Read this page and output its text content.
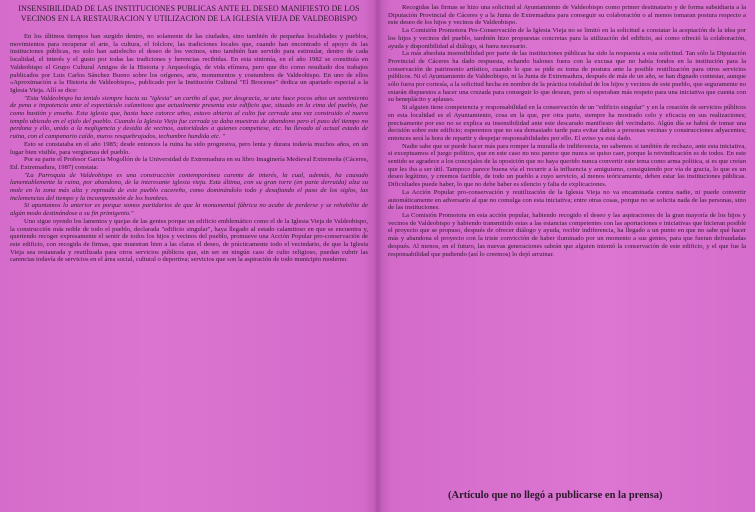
INSENSIBILIDAD DE LAS INSTITUCIONES PUBLICAS ANTE EL DESEO MANIFIESTO DE LOS VECINOS EN LA RESTAURACION Y UTILIZACION DE LA IGLESIA VIEJA DE VALDEOBISPO

En los últimos tiempos han surgido dentro, no solamente de las ciudades, sino también de pequeñas localidades y pueblos, movimientos para recuperar el arte, la cultura, el folclore, las tradiciones locales que, cuando han encontrado el apoyo de las instituciones públicas, no solo han satisfecho el deseo de los vecinos, sino también han servido para estimular, dentro de cada localidad, el interés y el gusto por todas las tradiciones y herencias recibidas. En esta sintonía, en el año 1982 se constituía en Valdeobispo el Grupo Cultural Amigos de la Historia y Arqueología, de vida efímera, pero que dio como resultado dos trabajos publicados por Luis Carlos Sánchez Bueno sobre los orígenes, arte, monumentos y costumbres de Valdeobispo. En uno de ellos «Aproximación a la Historia de Valdeobispo», publicado por la Institución Cultural "El Brocense" dedica un apartado especial a la Iglesia Vieja. Allí se dice:

"Esta Valdeobispo ha tenido siempre hacia su "iglesia" un cariño al que, por desgracia, se une hace pocos años un sentimiento de pena e impotencia ante el espectáculo calamitoso que actualmente presenta este edificio que, situado en la cima del pueblo, fue como bastión y enseña. Esta iglesia que, hasta hace catorce años, estuvo abierta al culto fue cerrada una vez construido el nuevo templo ubicado en el ejido del pueblo. Cuando la Iglesia Vieja fue cerrada ya daba muestras de abandono pero el paso del tiempo no perdona y ello, unido a la negligencia y desidia de vecinos, autoridades a quienes competiese, etc. ha llevado al actual estado de ruina, con el campanario caído, muros resquebrajados, techumbre hundida etc. "

Esto se constataba en el año 1985; desde entonces la ruina ha sido progresiva, pero lenta y durara todavía muchos años, en un lugar bien visible, para vergüenza del pueblo.

Por su parte el Profesor García Mogollón de la Universidad de Extremadura en su libro Imaginería Medieval Extremeña (Cáceres, Ed. Extremadura, 1987) constata:

"La Parroquia de Valdeobispo es una construcción contemporánea carente de interés, la cual, además, ha causado lamentablemente la ruina, por abandono, de la interesante iglesia vieja. Esta última, con su gran torre (en parte derruida) alza su mole en la zona más alta y repinada de este pueblo cacereño, como dominándolo todo y desafiando el paso de los siglos, las inclemencias del tiempo y la incomprensión de los hombres.

Si apuntamos lo anterior es porque somos partidarios de que la monumental fábrica no acabe de perderse y se rehabilite de algún modo destinándose a su fin primigenio."

Uno sigue oyendo los lamentos y quejas de las gentes porque un edificio emblemático como el de la Iglesia Vieja de Valdeobispo, la construcción más noble de todo el pueblo, declarada "edificio singular", haya llegado al estado calamitoso en que se encuentra y, queriendo recoger expresamente el sentir de todos los hijos y vecinos del pueblo, promueve una Acción Popular pro-conservación de este edificio, con recogida de firmas, que muestran bien a las claras el deseo, de prácticamente todo el vecindario, de que la Iglesia Vieja sea restaurada y reutilizada para otros servicios públicos que, sin ser en ningún caso de culto religioso, puedan cubrir las carencias todavía de servicios en el área social, cultural o deportiva; servicios que son la aspiración de todo municipio moderno.

Recogidas las firmas se hizo una solicitud al Ayuntamiento de Valdeobispo como primer destinatario y de forma subsidiaria a la Diputación Provincial de Cáceres y a la Junta de Extremadura para conseguir su colaboración o al menos tomaran postura respecto a este deseo de los hijos y vecinos de Valdeobispo.

La Comisión Promotora Pro-Conservación de la Iglesia Vieja no se limitó en la solicitud a constatar la aceptación de la idea por los hijos y vecinos del pueblo, también hizo propuestas concretas para la utilización del edificio, así como ofreció la colaboración, ayuda y disponibilidad al diálogo, si fuera necesario.

La más absoluta insensibilidad por parte de las instituciones públicas ha sido la respuesta a esta solicitud. Tan sólo la Diputación Provincial de Cáceres ha dado respuesta, echando balones fuera con la excusa que no había fondos en la institución para la conservación de patrimonio artístico, cuando lo que se pide es toma de postura ante la posible reutilización para otros servicios públicos. Ni el Ayuntamiento de Valdeobispo, ni la Junta de Extremadura, después de más de un año, se han dignado contestar, aunque sólo fuera por cortesía, a la solicitud hecha en nombre de la práctica totalidad de los hijos y vecinos de este pueblo, que seguramente no estarán dispuestos a hacer una cruzada para conseguir lo que desean, pero sí esperaban más respeto para una iniciativa que cuenta con su beneplácito y aplauso.

Si alguien tiene competencia y responsabilidad en la conservación de un "edificio singular" y en la creación de servicios públicos en esta localidad es el Ayuntamiento, cosa en la que, por otra parte, siempre ha mostrado celo y eficacia en sus realizaciones; precisamente por eso no se explica su insensibilidad ante este descarado manifiesto del vecindario. Algún día se habrá de tomar una decisión sobre este edificio; esperemos que no sea demasiado tarde para evitar daños a personas vecinas y construcciones adyacentes; entonces será la hora de repartir y despejar responsabilidades por ello. El aviso ya está dado.

Nadie sabe que se puede hacer más para romper la muralla de indiferencia, no sabemos si también de rechazo, ante esta iniciativa, si exceptuamos el juego político, que en este caso no nos parece que nunca se quiso caer, porque la reivindicación es de todos. En este sentido se agradece a los concejales de la oposición que no haya querido nunca convertir este tema como arma política, si es que creían que les iba a ser útil. Tampoco parece buena vía el recurrir a la influencia y amiguismo, consiguiendo por vía de gracia, lo que es un deseo legítimo, y creemos factible, de todo un pueblo a cuyo servicio, al menos teóricamente, deben estar las instituciones públicas. Dificultades puede haber, lo que no debe haber es silencio y falta de explicaciones.

La Acción Popular pro-conservación y reutilización de la Iglesia Vieja no va encaminada contra nadie, ni puede convertir automáticamente en adversario al que no comulga con esta iniciativa; entre otras cosas, porque no se solicita nada de las personas, sino de las instituciones.

La Comisión Promotora en esta acción popular, habiendo recogido el deseo y las aspiraciones de la gran mayoría de los hijos y vecinos de Valdeobispo y habiendo transmitido estas a las estancias competentes con las aportaciones e iniciativas que hicieran posible el proyecto que se propuso, después de ofrecer diálogo y ayuda, recibir indiferencia, ha llegado a un punto en que no sabe qué hacer más y abandona el proyecto con la triste convicción de haber iluminado por un momento a sus gentes, para que fueran defraudadas después. Al menos, en el futuro, las nuevas generaciones sabrán que alguien intentó la conservación de este edificio, y el que fue la responsabilidad que pudiendo (así lo creemos) lo dejó arruinar.

(Artículo que no llegó a publicarse en la prensa)
